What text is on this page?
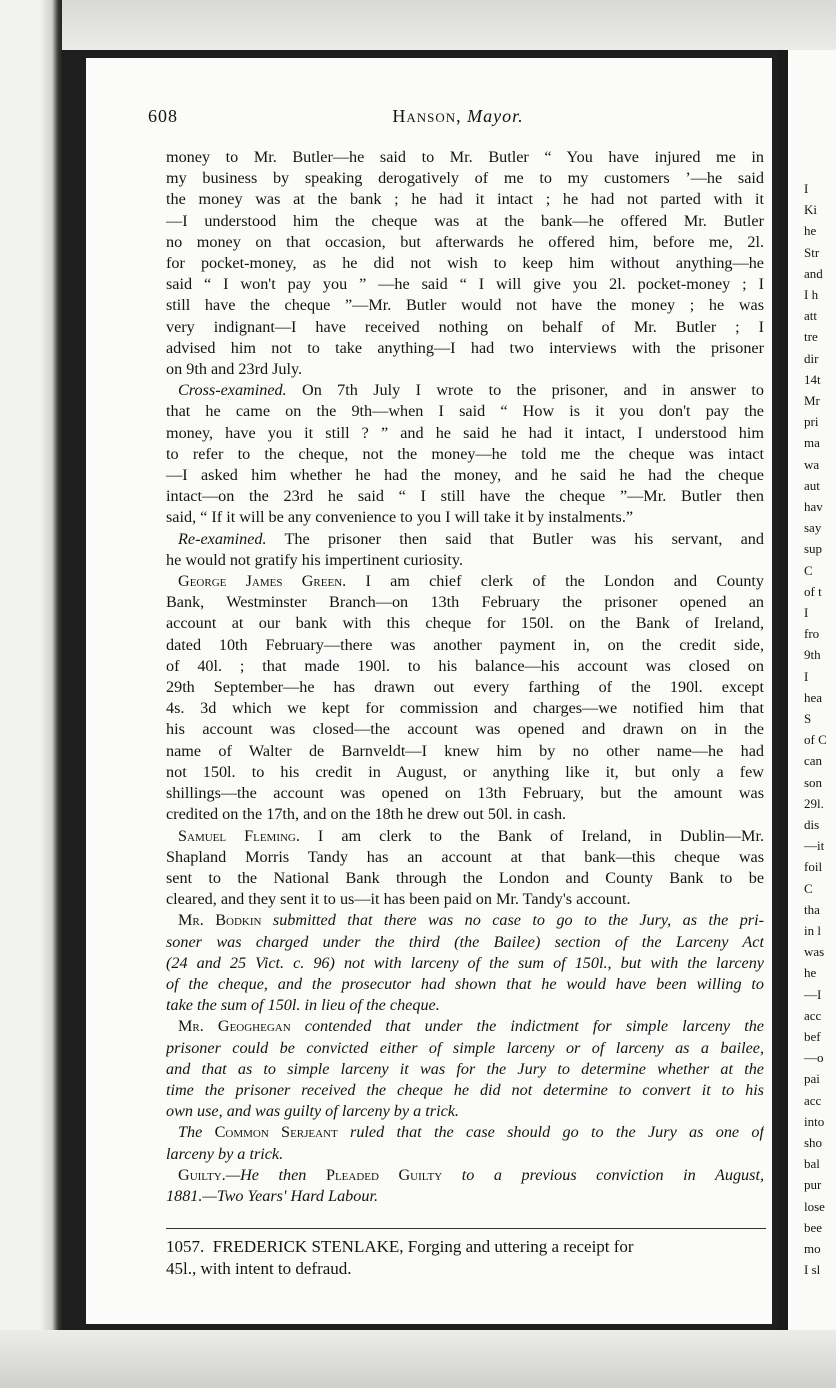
I
Ki
he
Str
and
I h
att
tre
dir
14t
Mr
pri
ma
wa
aut
hav
say
sup
C
of t
I
fro
9th
I
hea
S
of C
can
son
29l.
dis
—it
foil
C
tha
in l
was
he
—I
acc
bef
—o
pai
acc
into
sho
bal
pur
lose
bee
mo
I sl
608	Hanson, Mayor.
money to Mr. Butler—he said to Mr. Butler “ You have injured me in
my business by speaking derogatively of me to my customers ’—he said
the money was at the bank ; he had it intact ; he had not parted with it
—I understood him the cheque was at the bank—he offered Mr. Butler
no money on that occasion, but afterwards he offered him, before me, 2l.
for pocket-money, as he did not wish to keep him without anything—he
said “ I won't pay you ” —he said “ I will give you 2l. pocket-money ; I
still have the cheque ”—Mr. Butler would not have the money ; he was
very indignant—I have received nothing on behalf of Mr. Butler ; I
advised him not to take anything—I had two interviews with the prisoner
on 9th and 23rd July.
Cross-examined. On 7th July I wrote to the prisoner, and in answer to
that he came on the 9th—when I said “ How is it you don't pay the
money, have you it still ? ” and he said he had it intact, I understood him
to refer to the cheque, not the money—he told me the cheque was intact
—I asked him whether he had the money, and he said he had the cheque
intact—on the 23rd he said “ I still have the cheque ”—Mr. Butler then
said, “ If it will be any convenience to you I will take it by instalments.”
Re-examined. The prisoner then said that Butler was his servant, and
he would not gratify his impertinent curiosity.
George James Green. I am chief clerk of the London and County
Bank, Westminster Branch—on 13th February the prisoner opened an
account at our bank with this cheque for 150l. on the Bank of Ireland,
dated 10th February—there was another payment in, on the credit side,
of 40l. ; that made 190l. to his balance—his account was closed on
29th September—he has drawn out every farthing of the 190l. except
4s. 3d which we kept for commission and charges—we notified him that
his account was closed—the account was opened and drawn on in the
name of Walter de Barnveldt—I knew him by no other name—he had
not 150l. to his credit in August, or anything like it, but only a few
shillings—the account was opened on 13th February, but the amount was
credited on the 17th, and on the 18th he drew out 50l. in cash.
Samuel Fleming. I am clerk to the Bank of Ireland, in Dublin—Mr.
Shapland Morris Tandy has an account at that bank—this cheque was
sent to the National Bank through the London and County Bank to be
cleared, and they sent it to us—it has been paid on Mr. Tandy's account.
Mr. Bodkin submitted that there was no case to go to the Jury, as the pri-
soner was charged under the third (the Bailee) section of the Larceny Act
(24 and 25 Vict. c. 96) not with larceny of the sum of 150l., but with the larceny
of the cheque, and the prosecutor had shown that he would have been willing to
take the sum of 150l. in lieu of the cheque.
Mr. Geoghegan contended that under the indictment for simple larceny the
prisoner could be convicted either of simple larceny or of larceny as a bailee,
and that as to simple larceny it was for the Jury to determine whether at the
time the prisoner received the cheque he did not determine to convert it to his
own use, and was guilty of larceny by a trick.
The Common Serjeant ruled that the case should go to the Jury as one of
larceny by a trick.
Guilty.—He then Pleaded Guilty to a previous conviction in August,
1881.—Two Years' Hard Labour.
1057. FREDERICK STENLAKE, Forging and uttering a receipt for
45l., with intent to defraud.
